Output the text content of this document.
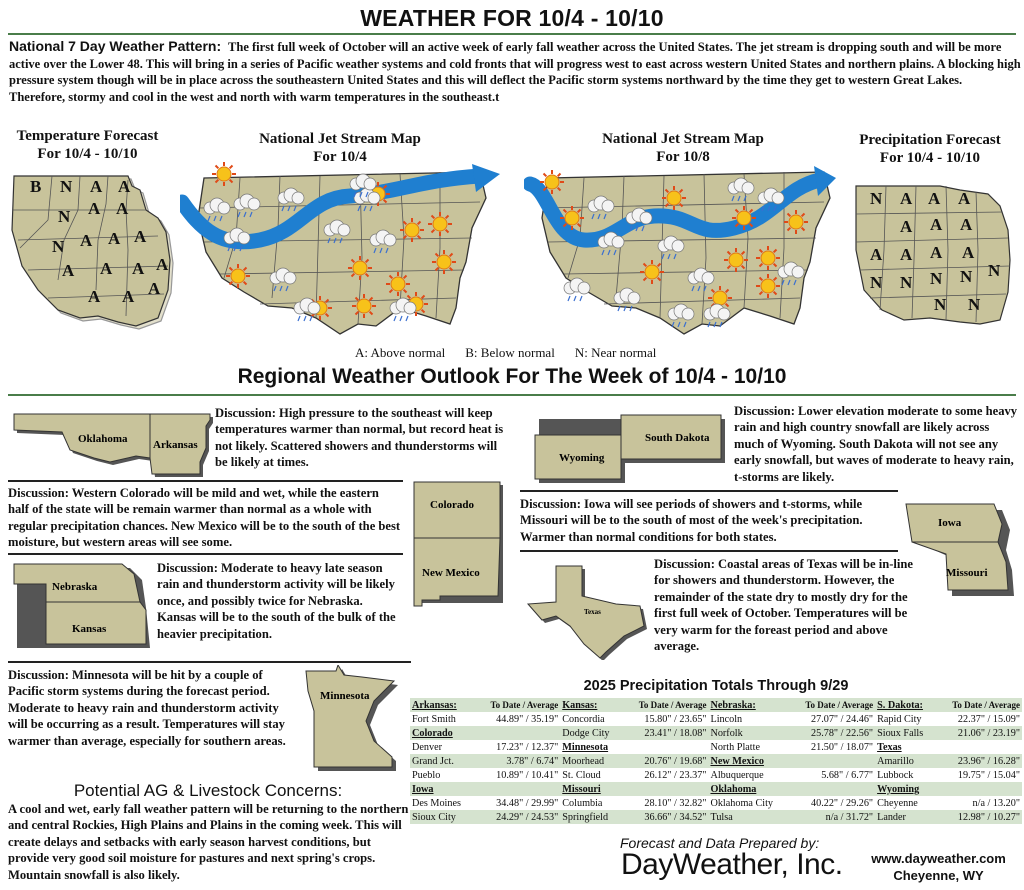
WEATHER FOR 10/4 - 10/10
National 7 Day Weather Pattern: The first full week of October will an active week of early fall weather across the United States. The jet stream is dropping south and will be more active over the Lower 48. This will bring in a series of Pacific weather systems and cold fronts that will progress west to east across western United States and northern plains. A blocking high pressure system though will be in place across the southeastern United States and this will deflect the Pacific storm systems northward by the time they get to western Great Lakes. Therefore, stormy and cool in the west and north with warm temperatures in the southeast.t
Temperature Forecast
For 10/4 - 10/10
National Jet Stream Map
For 10/4
National Jet Stream Map
For 10/8
Precipitation Forecast
For 10/4 - 10/10
B N A A
N A A
N A A A
A A A A
A A A
N A A A
A A A
A A A A
N N N N N
N N
A: Above normal B: Below normal N: Near normal
Regional Weather Outlook For The Week of 10/4 - 10/10
Oklahoma Arkansas
Discussion: High pressure to the southeast will keep temperatures warmer than normal, but record heat is not likely. Scattered showers and thunderstorms will be likely at times.
Discussion: Western Colorado will be mild and wet, while the eastern half of the state will be remain warmer than normal as a whole with regular precipitation chances. New Mexico will be to the south of the best moisture, but western areas will see some.
Colorado
New Mexico
Nebraska
Kansas
Discussion: Moderate to heavy late season rain and thunderstorm activity will be likely once, and possibly twice for Nebraska. Kansas will be to the south of the bulk of the heavier precipitation.
Discussion: Minnesota will be hit by a couple of Pacific storm systems during the forecast period. Moderate to heavy rain and thunderstorm activity will be occurring as a result. Temperatures will stay warmer than average, especially for southern areas.
Minnesota
Wyoming
South Dakota
Discussion: Lower elevation moderate to some heavy rain and high country snowfall are likely across much of Wyoming. South Dakota will not see any early snowfall, but waves of moderate to heavy rain, t-storms are likely.
Discussion: Iowa will see periods of showers and t-storms, while Missouri will be to the south of most of the week's precipitation. Warmer than normal conditions for both states.
Iowa
Missouri
Texas
Discussion: Coastal areas of Texas will be in-line for showers and thunderstorm. However, the remainder of the state dry to mostly dry for the first full week of October. Temperatures will be very warm for the foreast period and above average.
2025 Precipitation Totals Through 9/29
Arkansas:	To Date / Average	Kansas:	To Date / Average	Nebraska:	To Date / Average	S. Dakota:	To Date / Average
Fort Smith	44.89" / 35.19"	Concordia	15.80" / 23.65"	Lincoln	27.07" / 24.46"	Rapid City	22.37" / 15.09"
Colorado		Dodge City	23.41" / 18.08"	Norfolk	25.78" / 22.56"	Sioux Falls	21.06" / 23.19"
Denver	17.23" / 12.37"	Minnesota		North Platte	21.50" / 18.07"	Texas	
Grand Jct.	3.78" / 6.74"	Moorhead	20.76" / 19.68"	New Mexico		Amarillo	23.96" / 16.28"
Pueblo	10.89" / 10.41"	St. Cloud	26.12" / 23.37"	Albuquerque	5.68" / 6.77"	Lubbock	19.75" / 15.04"
Iowa		Missouri		Oklahoma		Wyoming	
Des Moines	34.48" / 29.99"	Columbia	28.10" / 32.82"	Oklahoma City	40.22" / 29.26"	Cheyenne	n/a / 13.20"
Sioux City	24.29" / 24.53"	Springfield	36.66" / 34.52"	Tulsa	n/a / 31.72"	Lander	12.98" / 10.27"
Potential AG & Livestock Concerns:
A cool and wet, early fall weather pattern will be returning to the northern and central Rockies, High Plains and Plains in the coming week. This will create delays and setbacks with early season harvest conditions, but provide very good soil moisture for pastures and next spring's crops. Mountain snowfall is also likely.
Forecast and Data Prepared by:
DayWeather, Inc.	www.dayweather.com
Cheyenne, WY
